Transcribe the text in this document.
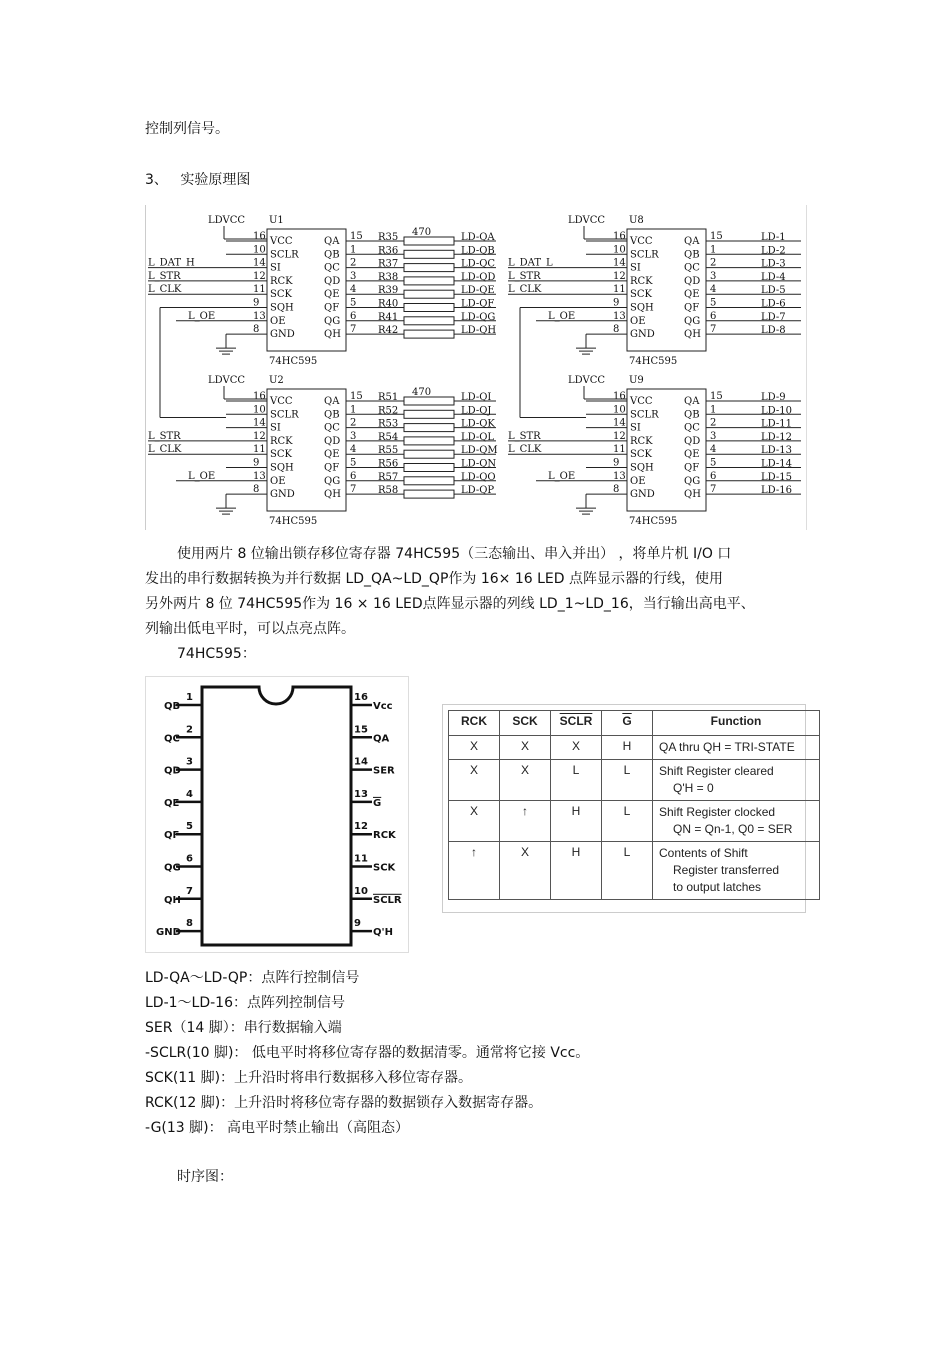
控制列信号。
3、 实验原理图
LDVCC U1
74HC595
VCC	QA
16	15 R35	LD-QA
SCLR	QB
10	1 R36	LD-QB
SI	QC
14	2 R37	LD-QC
RCK	QD
12	3 R38	LD-QD
SCK	QE
11	4 R39	LD-QE
SQH	QF
9	5 R40	LD-QF
OE	QG
13	6 R41	LD-QG
GND	QH
8	7 R42	LD-QH
470
L_DAT_H
L_STR
L_CLK
L_OE
LDVCC U8
74HC595
VCC	QA
16	15	LD-1
SCLR	QB
10	1	LD-2
SI	QC
14	2	LD-3
RCK	QD
12	3	LD-4
SCK	QE
11	4	LD-5
SQH	QF
9	5	LD-6
OE	QG
13	6	LD-7
GND	QH
8	7	LD-8
L_DAT_L
L_STR
L_CLK
L_OE
LDVCC U2
74HC595
VCC	QA
16	15 R51	LD-QI
SCLR	QB
10	1 R52	LD-QJ
SI	QC
14	2 R53	LD-QK
RCK	QD
12	3 R54	LD-QL
SCK	QE
11	4 R55	LD-QM
SQH	QF
9	5 R56	LD-QN
OE	QG
13	6 R57	LD-QO
GND	QH
8	7 R58	LD-QP
470
L_STR
L_CLK
L_OE
LDVCC U9
74HC595
VCC	QA
16	15	LD-9
SCLR	QB
10	1	LD-10
SI	QC
14	2	LD-11
RCK	QD
12	3	LD-12
SCK	QE
11	4	LD-13
SQH	QF
9	5	LD-14
OE	QG
13	6	LD-15
GND	QH
8	7	LD-16
L_STR
L_CLK
L_OE
使用两片 8 位输出锁存移位寄存器 74HC595（三态输出、串入并出） ，将单片机 I/O 口
发出的串行数据转换为并行数据 LD_QA~LD_QP作为 16× 16 LED 点阵显示器的行线，使用
另外两片 8 位 74HC595作为 16 × 16 LED点阵显示器的列线 LD_1~LD_16，当行输出高电平、
列输出低电平时，可以点亮点阵。
74HC595：
1
QB
16
Vcc
2
QC
15
QA
3
QD
14
SER
4
QE
13
G
5
QF
12
RCK
6
QG
11
SCK
7
QH
10
SCLR
8
GND
9
Q'H
RCK	SCK	SCLR	$\overline{G}$	Function
X	X	X	H	QA thru QH = TRI-STATE

X	X	L	L	Shift Register cleared
Q'H = 0

X	↑	H	L	Shift Register clocked
QN = Qn-1, Q0 = SER

↑	X	H	L	Contents of Shift
Register transferred
to output latches
LD-QA～LD-QP：点阵行控制信号
LD-1～LD-16：点阵列控制信号
SER（14 脚）：串行数据输入端
-SCLR(10 脚)： 低电平时将移位寄存器的数据清零。通常将它接 Vcc。
SCK(11 脚)：上升沿时将串行数据移入移位寄存器。
RCK(12 脚)：上升沿时将移位寄存器的数据锁存入数据寄存器。
-G(13 脚)： 高电平时禁止输出（高阻态）
时序图：
